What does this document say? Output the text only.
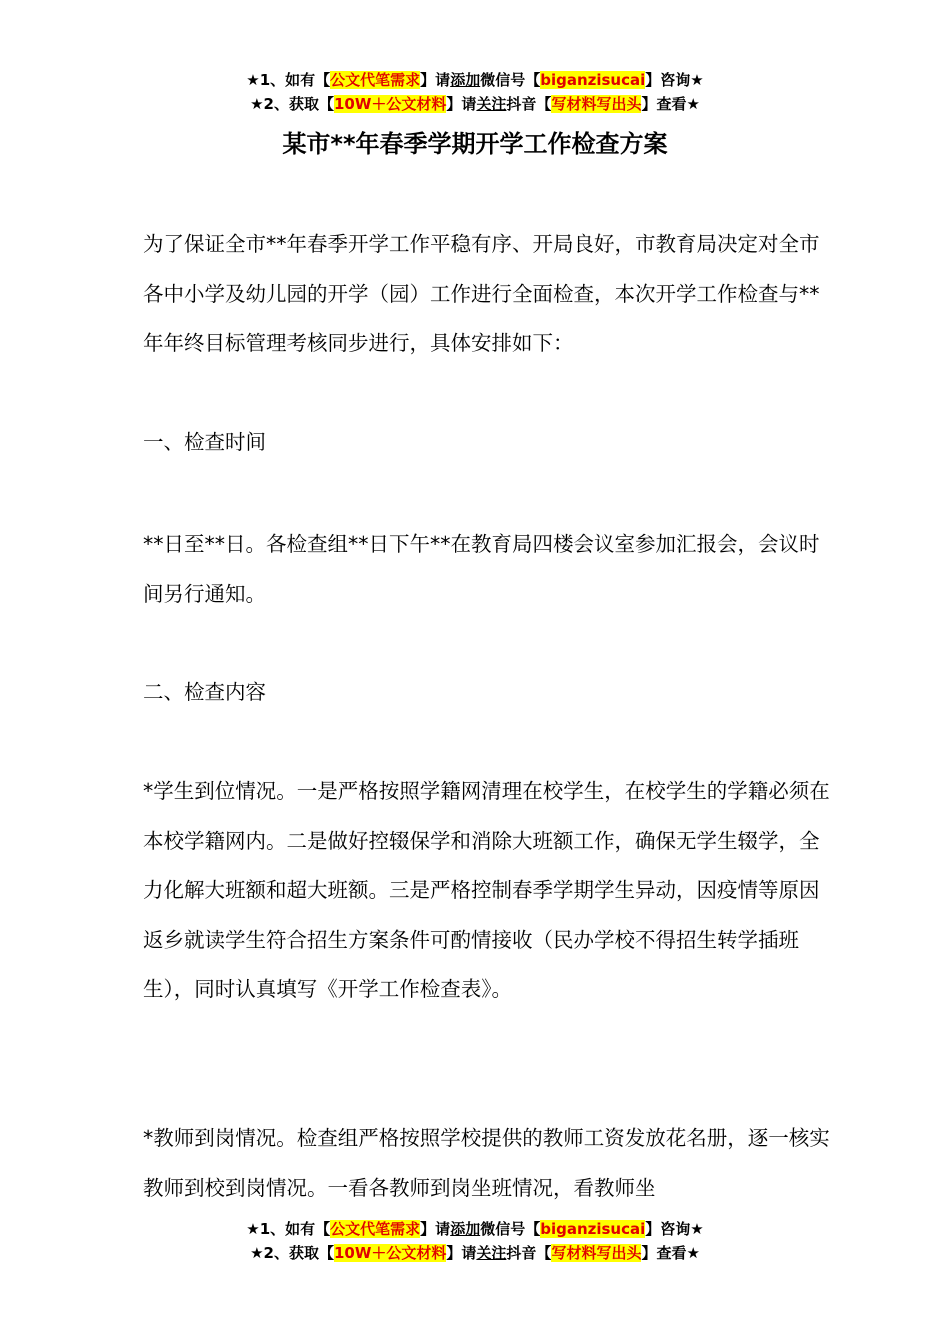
★1、如有【公文代笔需求】请添加微信号【biganzisucai】咨询★
★2、获取【10W＋公文材料】请关注抖音【写材料写出头】查看★
某市**年春季学期开学工作检查方案

为了保证全市**年春季开学工作平稳有序、开局良好，市教育局决定对全市各中小学及幼儿园的开学（园）工作进行全面检查，本次开学工作检查与**年年终目标管理考核同步进行，具体安排如下：

一、检查时间

**日至**日。各检查组**日下午**在教育局四楼会议室参加汇报会，会议时间另行通知。

二、检查内容

*学生到位情况。一是严格按照学籍网清理在校学生，在校学生的学籍必须在本校学籍网内。二是做好控辍保学和消除大班额工作，确保无学生辍学，全力化解大班额和超大班额。三是严格控制春季学期学生异动，因疫情等原因返乡就读学生符合招生方案条件可酌情接收（民办学校不得招生转学插班生），同时认真填写《开学工作检查表》。

*教师到岗情况。检查组严格按照学校提供的教师工资发放花名册，逐一核实教师到校到岗情况。一看各教师到岗坐班情况，看教师坐

★1、如有【公文代笔需求】请添加微信号【biganzisucai】咨询★
★2、获取【10W＋公文材料】请关注抖音【写材料写出头】查看★
